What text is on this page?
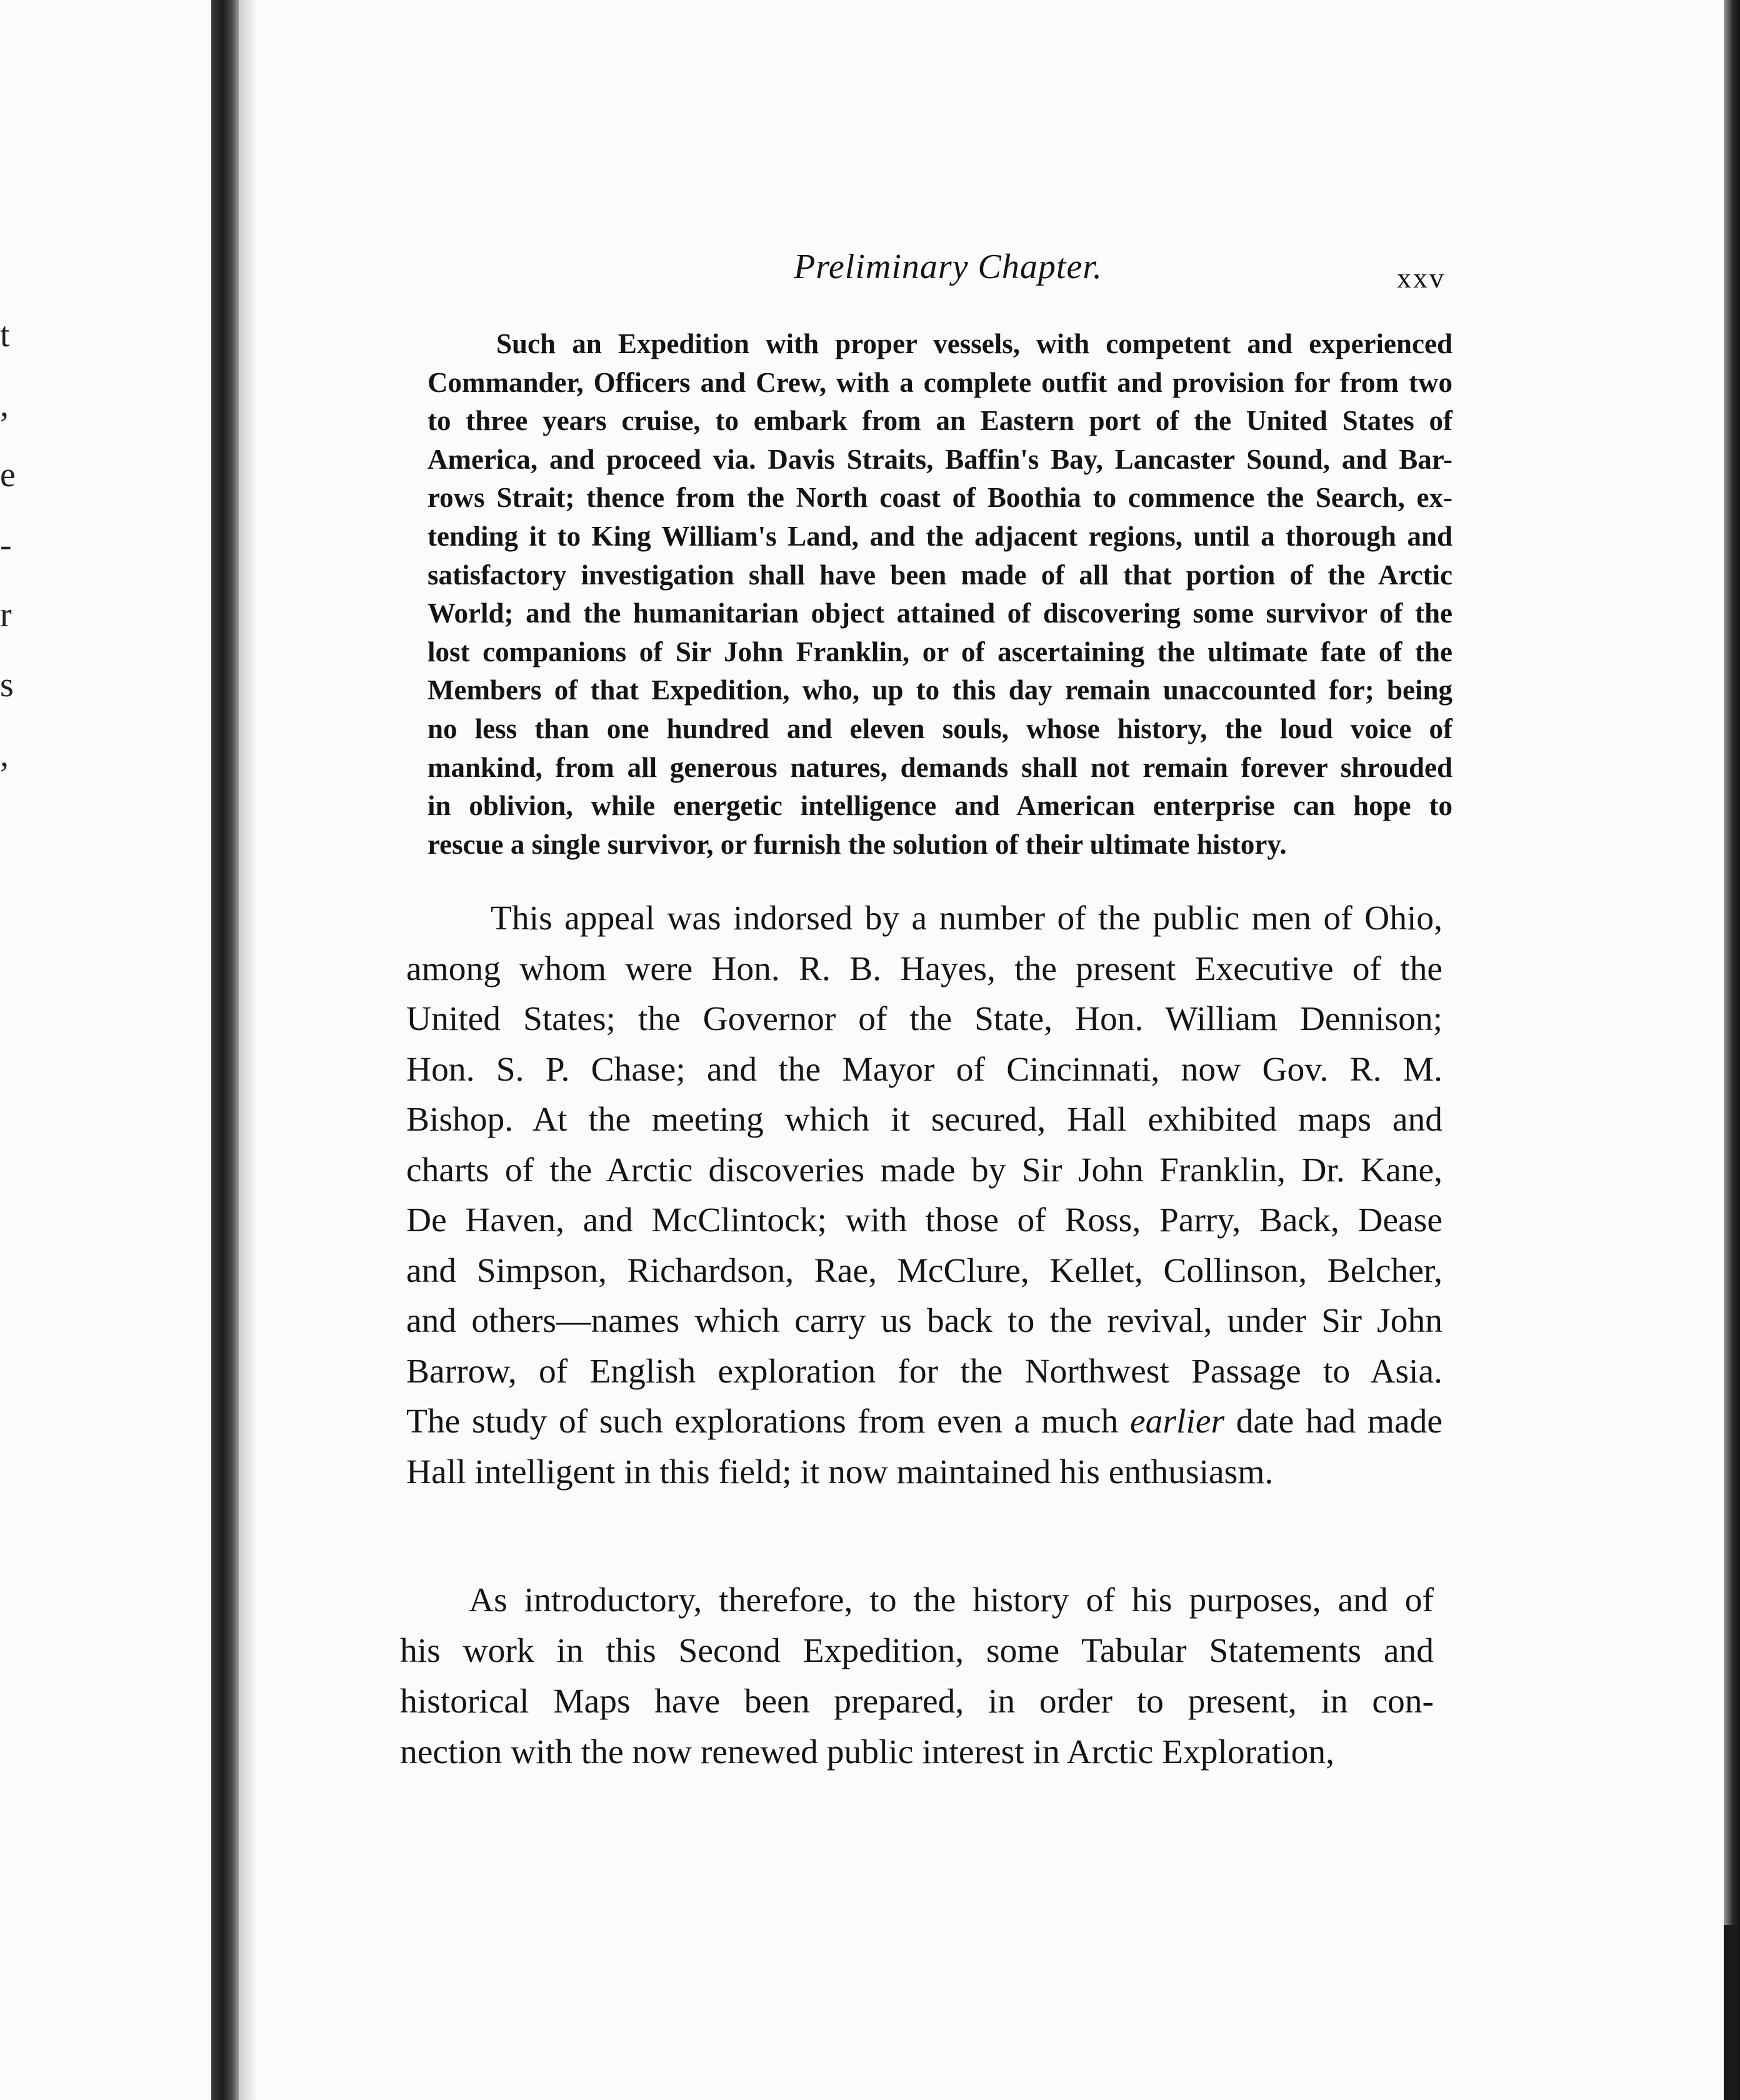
t
,
e
-
r
s
,
Preliminary Chapter.	xxv
Such an Expedition with proper vessels, with competent and experienced
Commander, Officers and Crew, with a complete outfit and provision for from two
to three years cruise, to embark from an Eastern port of the United States of
America, and proceed via. Davis Straits, Baffin's Bay, Lancaster Sound, and Bar-
rows Strait; thence from the North coast of Boothia to commence the Search, ex-
tending it to King William's Land, and the adjacent regions, until a thorough and
satisfactory investigation shall have been made of all that portion of the Arctic
World; and the humanitarian object attained of discovering some survivor of the
lost companions of Sir John Franklin, or of ascertaining the ultimate fate of the
Members of that Expedition, who, up to this day remain unaccounted for; being
no less than one hundred and eleven souls, whose history, the loud voice of
mankind, from all generous natures, demands shall not remain forever shrouded
in oblivion, while energetic intelligence and American enterprise can hope to
rescue a single survivor, or furnish the solution of their ultimate history.
This appeal was indorsed by a number of the public men of Ohio,
among whom were Hon. R. B. Hayes, the present Executive of the
United States; the Governor of the State, Hon. William Dennison;
Hon. S. P. Chase; and the Mayor of Cincinnati, now Gov. R. M.
Bishop. At the meeting which it secured, Hall exhibited maps and
charts of the Arctic discoveries made by Sir John Franklin, Dr. Kane,
De Haven, and McClintock; with those of Ross, Parry, Back, Dease
and Simpson, Richardson, Rae, McClure, Kellet, Collinson, Belcher,
and others—names which carry us back to the revival, under Sir John
Barrow, of English exploration for the Northwest Passage to Asia.
The study of such explorations from even a much earlier date had made
Hall intelligent in this field; it now maintained his enthusiasm.
As introductory, therefore, to the history of his purposes, and of
his work in this Second Expedition, some Tabular Statements and
historical Maps have been prepared, in order to present, in con-
nection with the now renewed public interest in Arctic Exploration,
